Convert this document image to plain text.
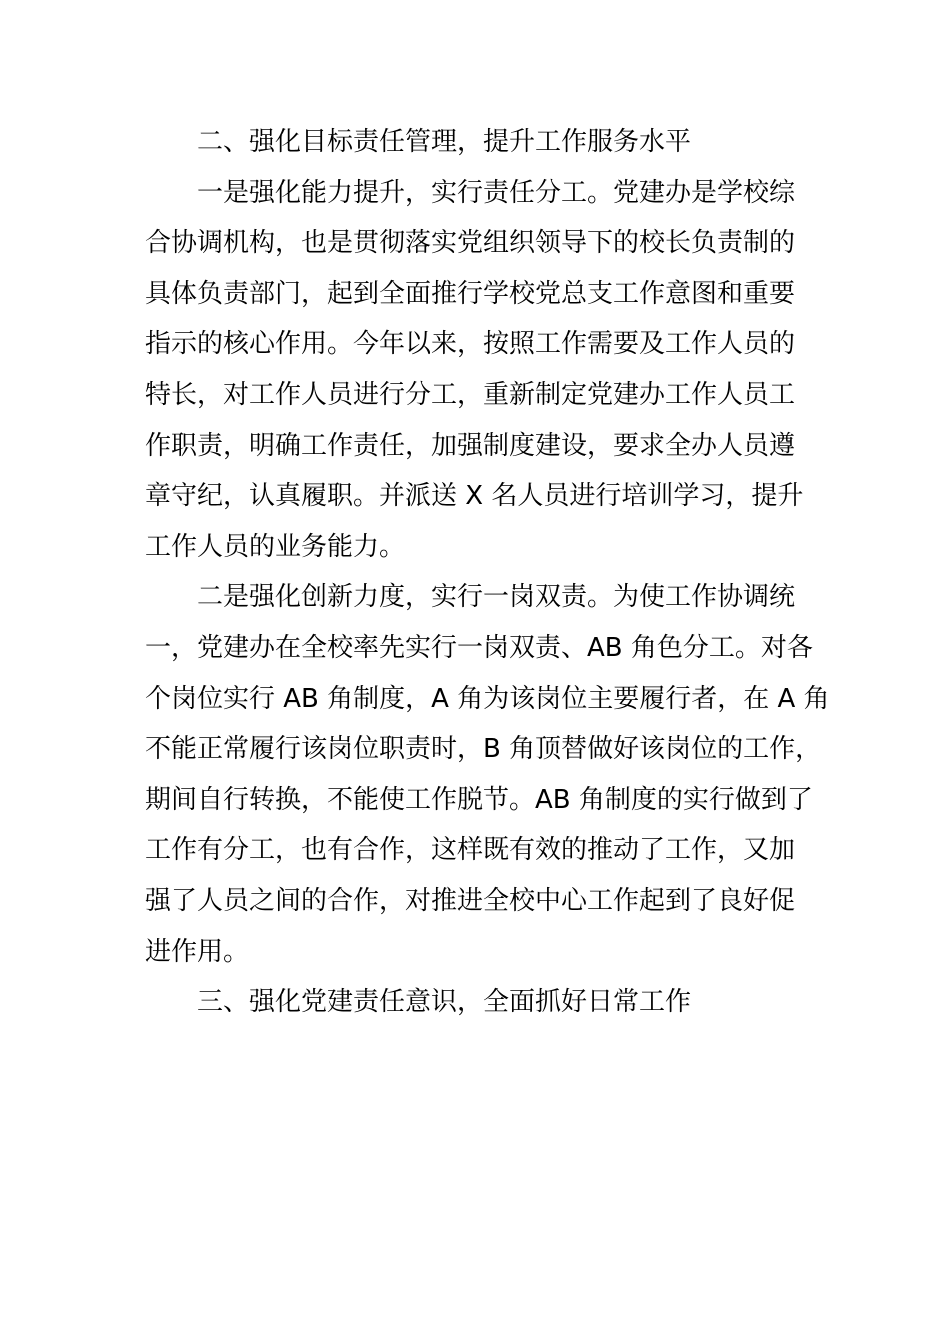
二、强化目标责任管理，提升工作服务水平
一是强化能力提升，实行责任分工。党建办是学校综
合协调机构，也是贯彻落实党组织领导下的校长负责制的
具体负责部门，起到全面推行学校党总支工作意图和重要
指示的核心作用。今年以来，按照工作需要及工作人员的
特长，对工作人员进行分工，重新制定党建办工作人员工
作职责，明确工作责任，加强制度建设，要求全办人员遵
章守纪，认真履职。并派送 X 名人员进行培训学习，提升
工作人员的业务能力。
二是强化创新力度，实行一岗双责。为使工作协调统
一，党建办在全校率先实行一岗双责、AB 角色分工。对各
个岗位实行 AB 角制度，A 角为该岗位主要履行者，在 A 角
不能正常履行该岗位职责时，B 角顶替做好该岗位的工作，
期间自行转换，不能使工作脱节。AB 角制度的实行做到了
工作有分工，也有合作，这样既有效的推动了工作，又加
强了人员之间的合作，对推进全校中心工作起到了良好促
进作用。
三、强化党建责任意识，全面抓好日常工作
